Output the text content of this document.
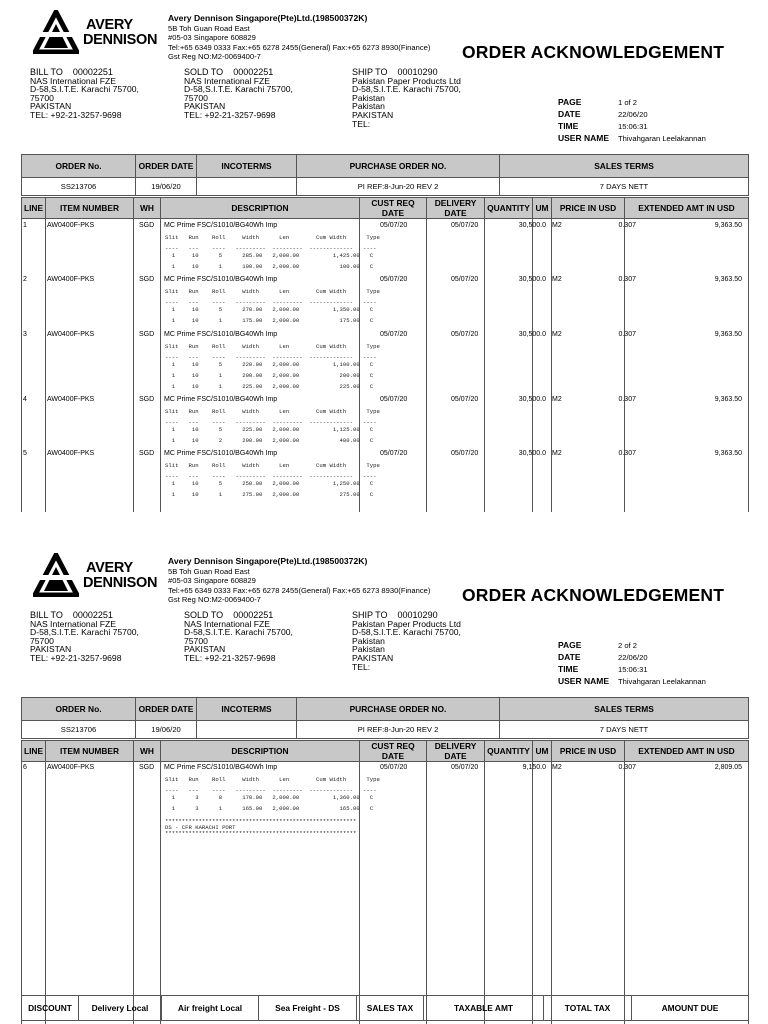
AVERY
DENNISON
Avery Dennison Singapore(Pte)Ltd.(198500372K)
5B Toh Guan Road East
#05-03 Singapore 608829
Tel:+65 6349 0333 Fax:+65 6278 2455(General) Fax:+65 6273 8930(Finance)
Gst Reg NO:M2-0069400-7	ORDER ACKNOWLEDGEMENT
BILL TO 00002251
NAS International FZE
D-58,S.I.T.E. Karachi 75700,
75700
PAKISTAN
TEL: +92-21-3257-9698
SOLD TO 00002251
NAS International FZE
D-58,S.I.T.E. Karachi 75700,
75700
PAKISTAN
TEL: +92-21-3257-9698
SHIP TO 00010290
Pakistan Paper Products Ltd
D-58,S.I.T.E. Karachi 75700,
Pakistan
Pakistan
PAKISTAN
TEL:
PAGE	1 of 2
DATE	22/06/20
TIME	15:06:31
USER NAME	Thivahgaran Leelakannan
ORDER No.	ORDER DATE	INCOTERMS	PURCHASE ORDER NO.	SALES TERMS
SS213706	19/06/20		PI REF:8-Jun-20 REV 2	7 DAYS NETT
LINE	ITEM NUMBER	WH	DESCRIPTION	CUST REQ DATE	DELIVERY DATE	QUANTITY	UM	PRICE IN USD	EXTENDED AMT IN USD

1	AW0400F-PKS	SGD MC Prime FSC/S1010/BG40Wh Imp	05/07/20	05/07/20	30,500.0 M2	0.307	9,363.50
Slit   Run    Roll     Width      Len        Cum Width      Type
----   ---    ----   ---------  ---------  -------------   ----
1     10      5      285.00   2,000.00          1,425.00   C
1     10      1      100.00   2,000.00            100.00   C
2	AW0400F-PKS	SGD MC Prime FSC/S1010/BG40Wh Imp	05/07/20	05/07/20	30,500.0 M2	0.307	9,363.50
Slit   Run    Roll     Width      Len        Cum Width      Type
----   ---    ----   ---------  ---------  -------------   ----
1     10      5      270.00   2,000.00          1,350.00   C
1     10      1      175.00   2,000.00            175.00   C
3	AW0400F-PKS	SGD MC Prime FSC/S1010/BG40Wh Imp	05/07/20	05/07/20	30,500.0 M2	0.307	9,363.50
Slit   Run    Roll     Width      Len        Cum Width      Type
----   ---    ----   ---------  ---------  -------------   ----
1     10      5      220.00   2,000.00          1,100.00   C
1     10      1      200.00   2,000.00            200.00   C
1     10      1      225.00   2,000.00            225.00   C
4	AW0400F-PKS	SGD MC Prime FSC/S1010/BG40Wh Imp	05/07/20	05/07/20	30,500.0 M2	0.307	9,363.50
Slit   Run    Roll     Width      Len        Cum Width      Type
----   ---    ----   ---------  ---------  -------------   ----
1     10      5      225.00   2,000.00          1,125.00   C
1     10      2      200.00   2,000.00            400.00   C
5	AW0400F-PKS	SGD MC Prime FSC/S1010/BG40Wh Imp	05/07/20	05/07/20	30,500.0 M2	0.307	9,363.50
Slit   Run    Roll     Width      Len        Cum Width      Type
----   ---    ----   ---------  ---------  -------------   ----
1     10      5      250.00   2,000.00          1,250.00   C
1     10      1      275.00   2,000.00            275.00   C
AVERY
DENNISON
Avery Dennison Singapore(Pte)Ltd.(198500372K)
5B Toh Guan Road East
#05-03 Singapore 608829
Tel:+65 6349 0333 Fax:+65 6278 2455(General) Fax:+65 6273 8930(Finance)
Gst Reg NO:M2-0069400-7	ORDER ACKNOWLEDGEMENT
BILL TO 00002251
NAS International FZE
D-58,S.I.T.E. Karachi 75700,
75700
PAKISTAN
TEL: +92-21-3257-9698
SOLD TO 00002251
NAS International FZE
D-58,S.I.T.E. Karachi 75700,
75700
PAKISTAN
TEL: +92-21-3257-9698
SHIP TO 00010290
Pakistan Paper Products Ltd
D-58,S.I.T.E. Karachi 75700,
Pakistan
Pakistan
PAKISTAN
TEL:
PAGE	2 of 2
DATE	22/06/20
TIME	15:06:31
USER NAME	Thivahgaran Leelakannan
ORDER No.	ORDER DATE	INCOTERMS	PURCHASE ORDER NO.	SALES TERMS
SS213706	19/06/20		PI REF:8-Jun-20 REV 2	7 DAYS NETT
LINE	ITEM NUMBER	WH	DESCRIPTION	CUST REQ DATE	DELIVERY DATE	QUANTITY	UM	PRICE IN USD	EXTENDED AMT IN USD

6	AW0400F-PKS	SGD MC Prime FSC/S1010/BG40Wh Imp	05/07/20	05/07/20	9,150.0 M2	0.307	2,809.05
Slit   Run    Roll     Width      Len        Cum Width      Type
----   ---    ----   ---------  ---------  -------------   ----
1      3      8      170.00   2,000.00          1,360.00   C
1      3      1      165.00   2,000.00            165.00   C
*********************************************************
DS - CFR KARACHI PORT
*********************************************************
DISCOUNT	Delivery Local	Air freight Local	Sea Freight - DS	SALES TAX	TAXABLE AMT	TOTAL TAX	AMOUNT DUE
